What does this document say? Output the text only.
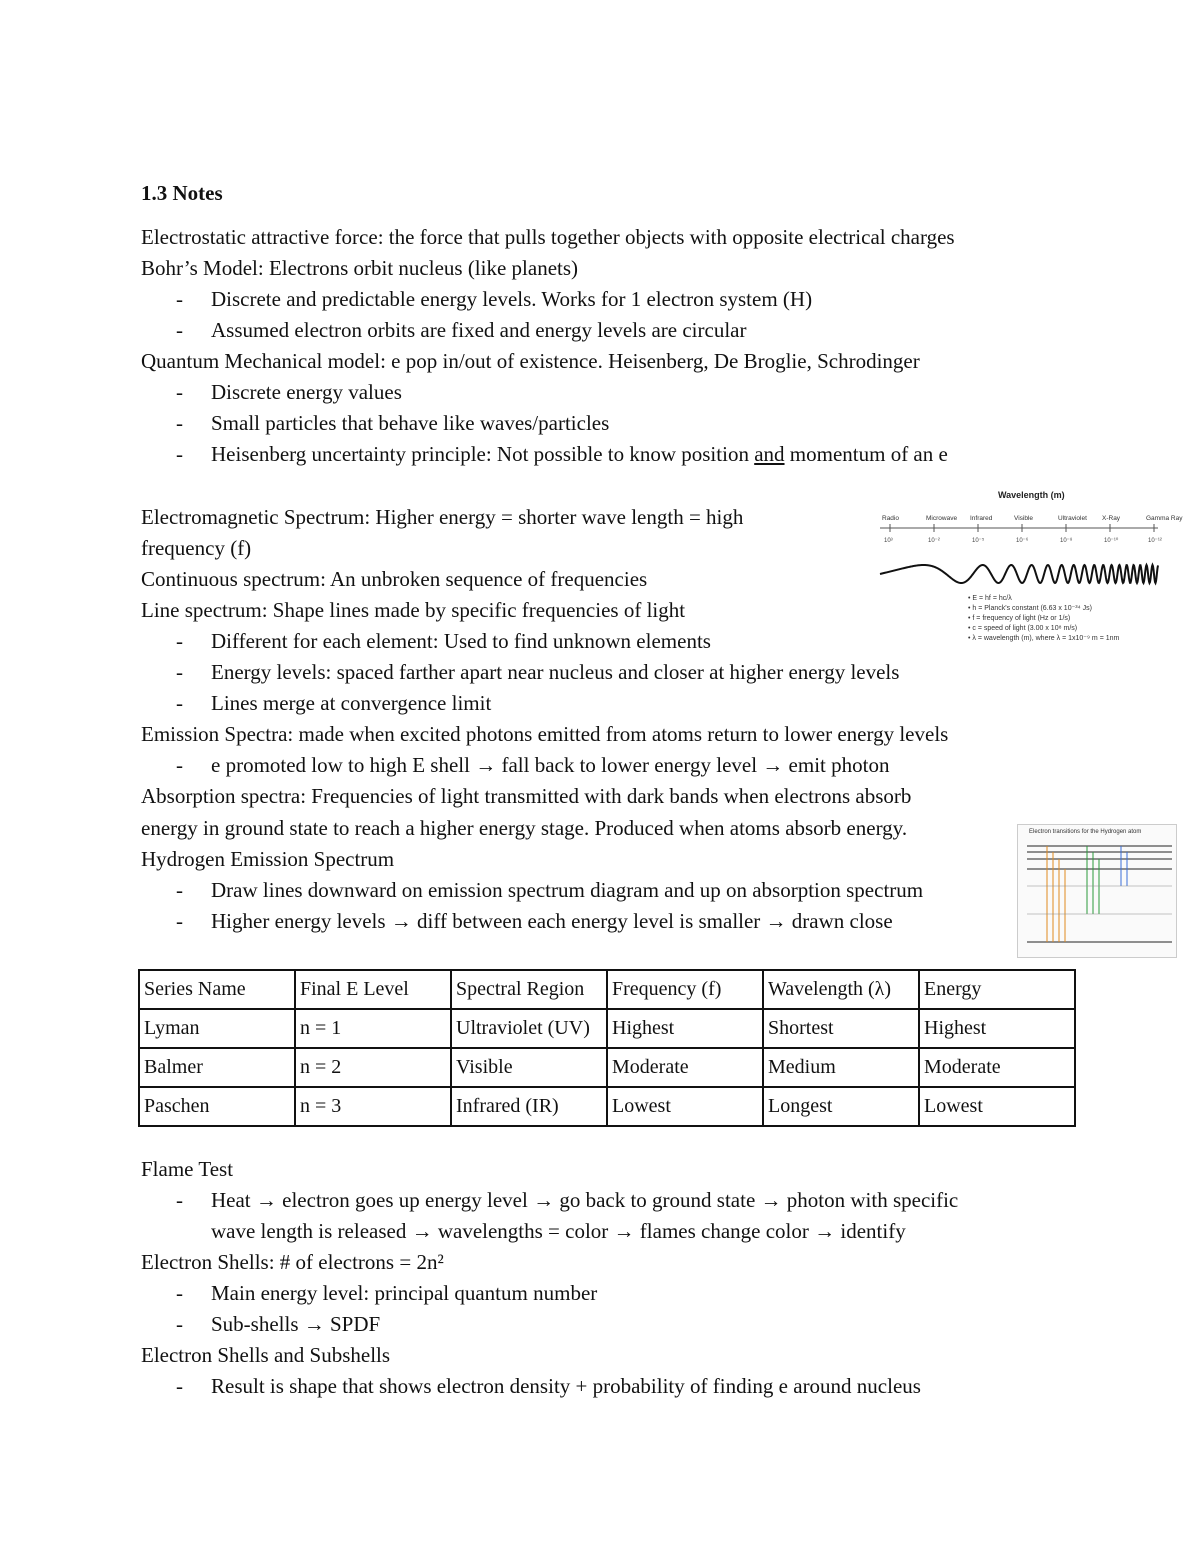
1.3 Notes
Electrostatic attractive force: the force that pulls together objects with opposite electrical charges
Bohr’s Model: Electrons orbit nucleus (like planets)
- Discrete and predictable energy levels. Works for 1 electron system (H)
- Assumed electron orbits are fixed and energy levels are circular
Quantum Mechanical model: e pop in/out of existence. Heisenberg, De Broglie, Schrodinger
- Discrete energy values
- Small particles that behave like waves/particles
- Heisenberg uncertainty principle: Not possible to know position and momentum of an e
Electromagnetic Spectrum: Higher energy = shorter wave length = high
frequency (f)
Continuous spectrum: An unbroken sequence of frequencies
Line spectrum: Shape lines made by specific frequencies of light
- Different for each element: Used to find unknown elements
- Energy levels: spaced farther apart near nucleus and closer at higher energy levels
- Lines merge at convergence limit
Emission Spectra: made when excited photons emitted from atoms return to lower energy levels
- e promoted low to high E shell → fall back to lower energy level → emit photon
Absorption spectra: Frequencies of light transmitted with dark bands when electrons absorb
energy in ground state to reach a higher energy stage. Produced when atoms absorb energy.
Hydrogen Emission Spectrum
- Draw lines downward on emission spectrum diagram and up on absorption spectrum
- Higher energy levels → diff between each energy level is smaller → drawn close
Wavelength (m)
Radio	Microwave Infrared	Visible	Ultraviolet X-Ray	Gamma Ray
10³	10⁻²	10⁻⁵	10⁻⁶	10⁻⁸	10⁻¹⁰	10⁻¹²
• E = hf = hc/λ
• h = Planck's constant (6.63 x 10⁻³⁴ Js)
• f = frequency of light (Hz or 1/s)
• c = speed of light (3.00 x 10⁸ m/s)
• λ = wavelength (m), where λ = 1x10⁻⁹ m = 1nm
Electron transitions for the Hydrogen atom
Series Name	Final E Level	Spectral Region	Frequency (f)	Wavelength (λ)	Energy
Lyman	n = 1	Ultraviolet (UV)	Highest	Shortest	Highest
Balmer	n = 2	Visible	Moderate	Medium	Moderate
Paschen	n = 3	Infrared (IR)	Lowest	Longest	Lowest
Flame Test
- Heat → electron goes up energy level → go back to ground state → photon with specific
wave length is released → wavelengths = color → flames change color → identify
Electron Shells: # of electrons = 2n²
- Main energy level: principal quantum number
- Sub-shells → SPDF
Electron Shells and Subshells
- Result is shape that shows electron density + probability of finding e around nucleus
